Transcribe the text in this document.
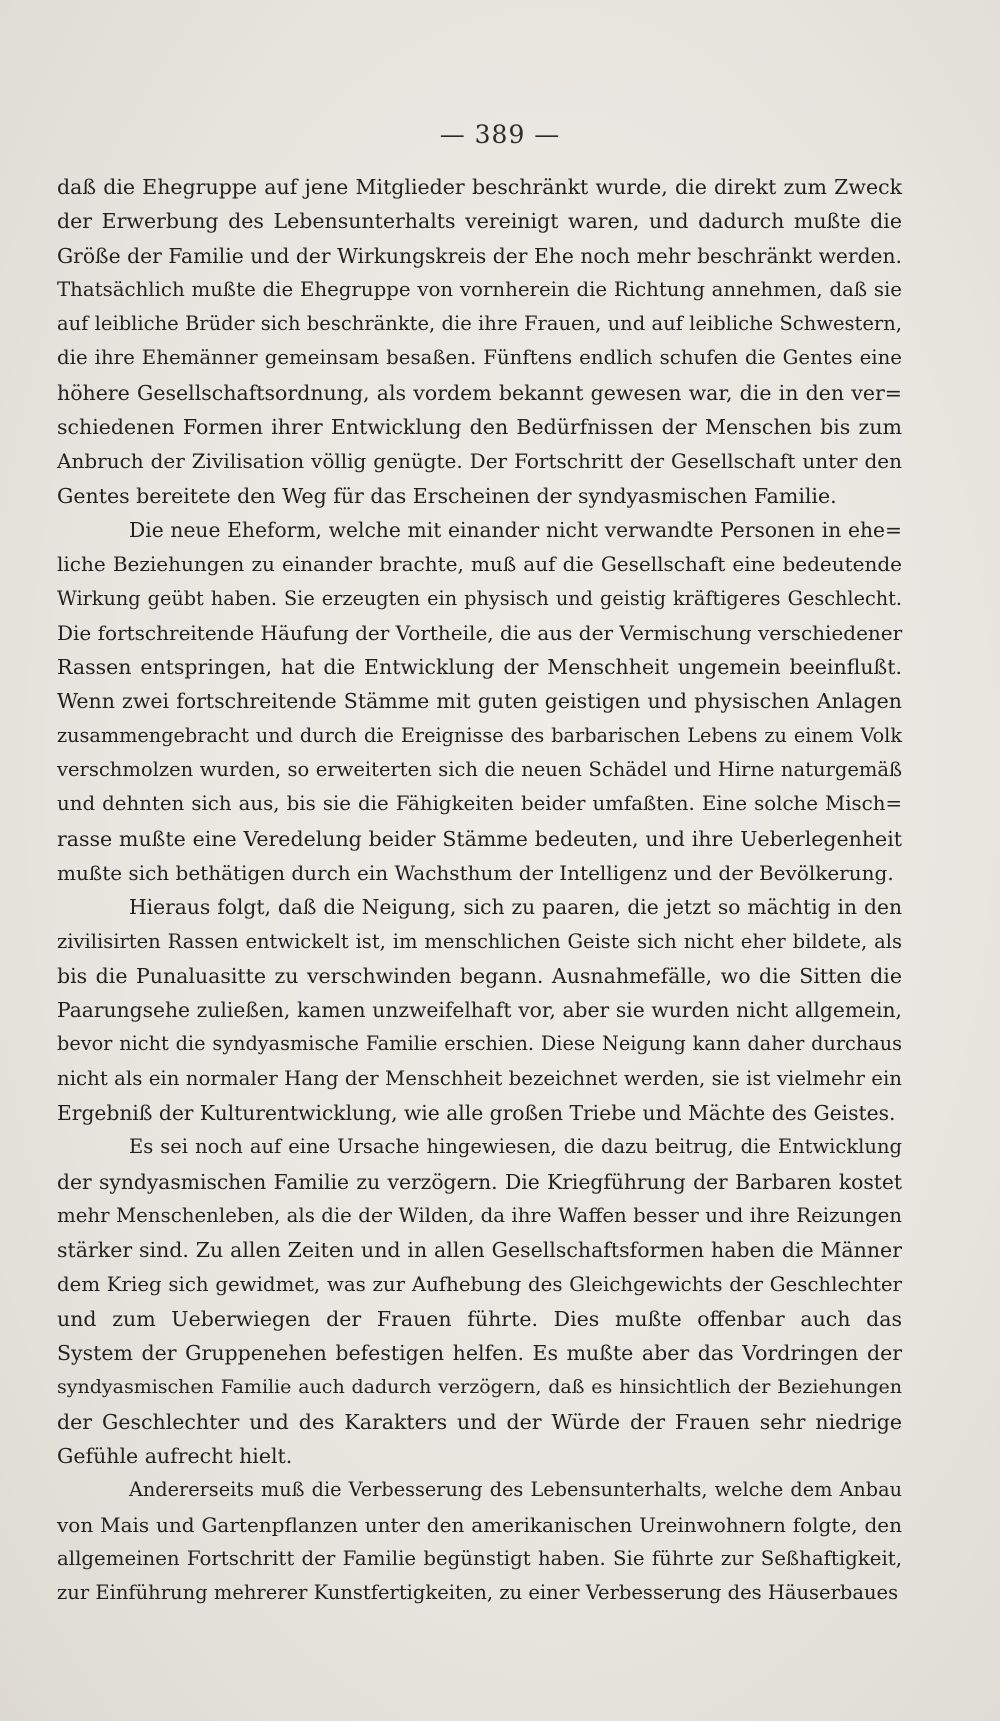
— 389 —
daß die Ehegruppe auf jene Mitglieder beschränkt wurde, die direkt zum Zweck
der Erwerbung des Lebensunterhalts vereinigt waren, und dadurch mußte die
Größe der Familie und der Wirkungskreis der Ehe noch mehr beschränkt werden.
Thatsächlich mußte die Ehegruppe von vornherein die Richtung annehmen, daß sie
auf leibliche Brüder sich beschränkte, die ihre Frauen, und auf leibliche Schwestern,
die ihre Ehemänner gemeinsam besaßen. Fünftens endlich schufen die Gentes eine
höhere Gesellschaftsordnung, als vordem bekannt gewesen war, die in den ver=
schiedenen Formen ihrer Entwicklung den Bedürfnissen der Menschen bis zum
Anbruch der Zivilisation völlig genügte. Der Fortschritt der Gesellschaft unter den
Gentes bereitete den Weg für das Erscheinen der syndyasmischen Familie.
Die neue Eheform, welche mit einander nicht verwandte Personen in ehe=
liche Beziehungen zu einander brachte, muß auf die Gesellschaft eine bedeutende
Wirkung geübt haben. Sie erzeugten ein physisch und geistig kräftigeres Geschlecht.
Die fortschreitende Häufung der Vortheile, die aus der Vermischung verschiedener
Rassen entspringen, hat die Entwicklung der Menschheit ungemein beeinflußt.
Wenn zwei fortschreitende Stämme mit guten geistigen und physischen Anlagen
zusammengebracht und durch die Ereignisse des barbarischen Lebens zu einem Volk
verschmolzen wurden, so erweiterten sich die neuen Schädel und Hirne naturgemäß
und dehnten sich aus, bis sie die Fähigkeiten beider umfaßten. Eine solche Misch=
rasse mußte eine Veredelung beider Stämme bedeuten, und ihre Ueberlegenheit
mußte sich bethätigen durch ein Wachsthum der Intelligenz und der Bevölkerung.
Hieraus folgt, daß die Neigung, sich zu paaren, die jetzt so mächtig in den
zivilisirten Rassen entwickelt ist, im menschlichen Geiste sich nicht eher bildete, als
bis die Punaluasitte zu verschwinden begann. Ausnahmefälle, wo die Sitten die
Paarungsehe zuließen, kamen unzweifelhaft vor, aber sie wurden nicht allgemein,
bevor nicht die syndyasmische Familie erschien. Diese Neigung kann daher durchaus
nicht als ein normaler Hang der Menschheit bezeichnet werden, sie ist vielmehr ein
Ergebniß der Kulturentwicklung, wie alle großen Triebe und Mächte des Geistes.
Es sei noch auf eine Ursache hingewiesen, die dazu beitrug, die Entwicklung
der syndyasmischen Familie zu verzögern. Die Kriegführung der Barbaren kostet
mehr Menschenleben, als die der Wilden, da ihre Waffen besser und ihre Reizungen
stärker sind. Zu allen Zeiten und in allen Gesellschaftsformen haben die Männer
dem Krieg sich gewidmet, was zur Aufhebung des Gleichgewichts der Geschlechter
und zum Ueberwiegen der Frauen führte. Dies mußte offenbar auch das
System der Gruppenehen befestigen helfen. Es mußte aber das Vordringen der
syndyasmischen Familie auch dadurch verzögern, daß es hinsichtlich der Beziehungen
der Geschlechter und des Karakters und der Würde der Frauen sehr niedrige
Gefühle aufrecht hielt.
Andererseits muß die Verbesserung des Lebensunterhalts, welche dem Anbau
von Mais und Gartenpflanzen unter den amerikanischen Ureinwohnern folgte, den
allgemeinen Fortschritt der Familie begünstigt haben. Sie führte zur Seßhaftigkeit,
zur Einführung mehrerer Kunstfertigkeiten, zu einer Verbesserung des Häuserbaues
